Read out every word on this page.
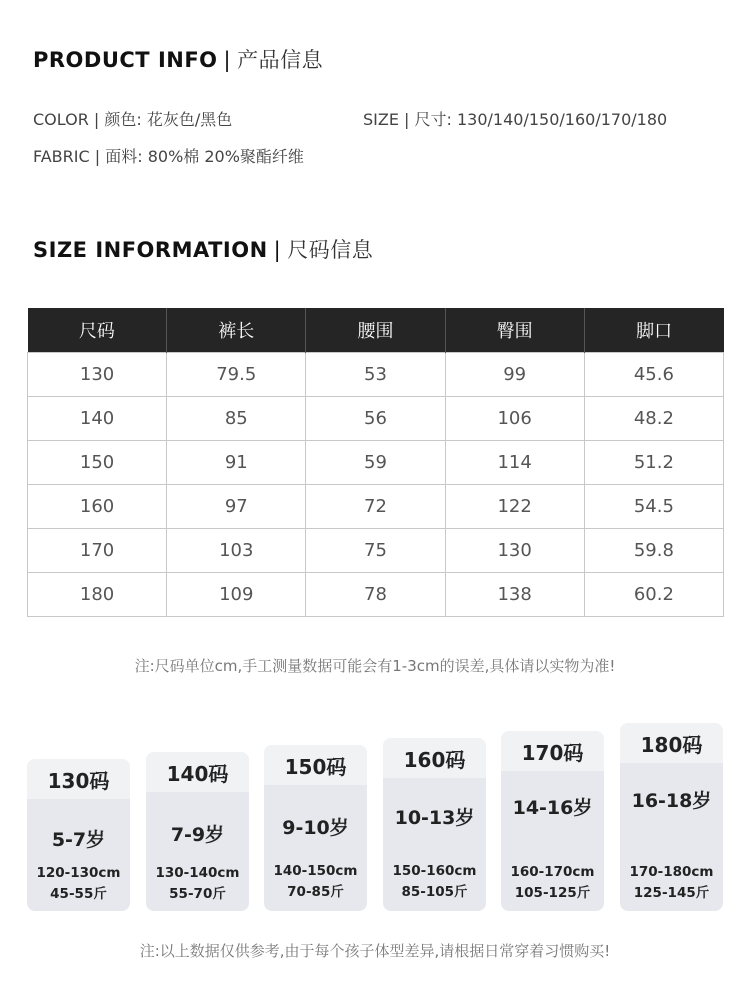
PRODUCT INFO | 产品信息
COLOR | 颜色: 花灰色/黑色	SIZE | 尺寸: 130/140/150/160/170/180
FABRIC | 面料: 80%棉 20%聚酯纤维
SIZE INFORMATION | 尺码信息
尺码	裤长	腰围	臀围	脚口
130	79.5	53	99	45.6
140	85	56	106	48.2
150	91	59	114	51.2
160	97	72	122	54.5
170	103	75	130	59.8
180	109	78	138	60.2
注:尺码单位cm,手工测量数据可能会有1-3cm的误差,具体请以实物为准!
130码
5-7岁
120-130cm
45-55斤
140码
7-9岁
130-140cm
55-70斤
150码
9-10岁
140-150cm
70-85斤
160码
10-13岁
150-160cm
85-105斤
170码
14-16岁
160-170cm
105-125斤
180码
16-18岁
170-180cm
125-145斤
注:以上数据仅供参考,由于每个孩子体型差异,请根据日常穿着习惯购买!
